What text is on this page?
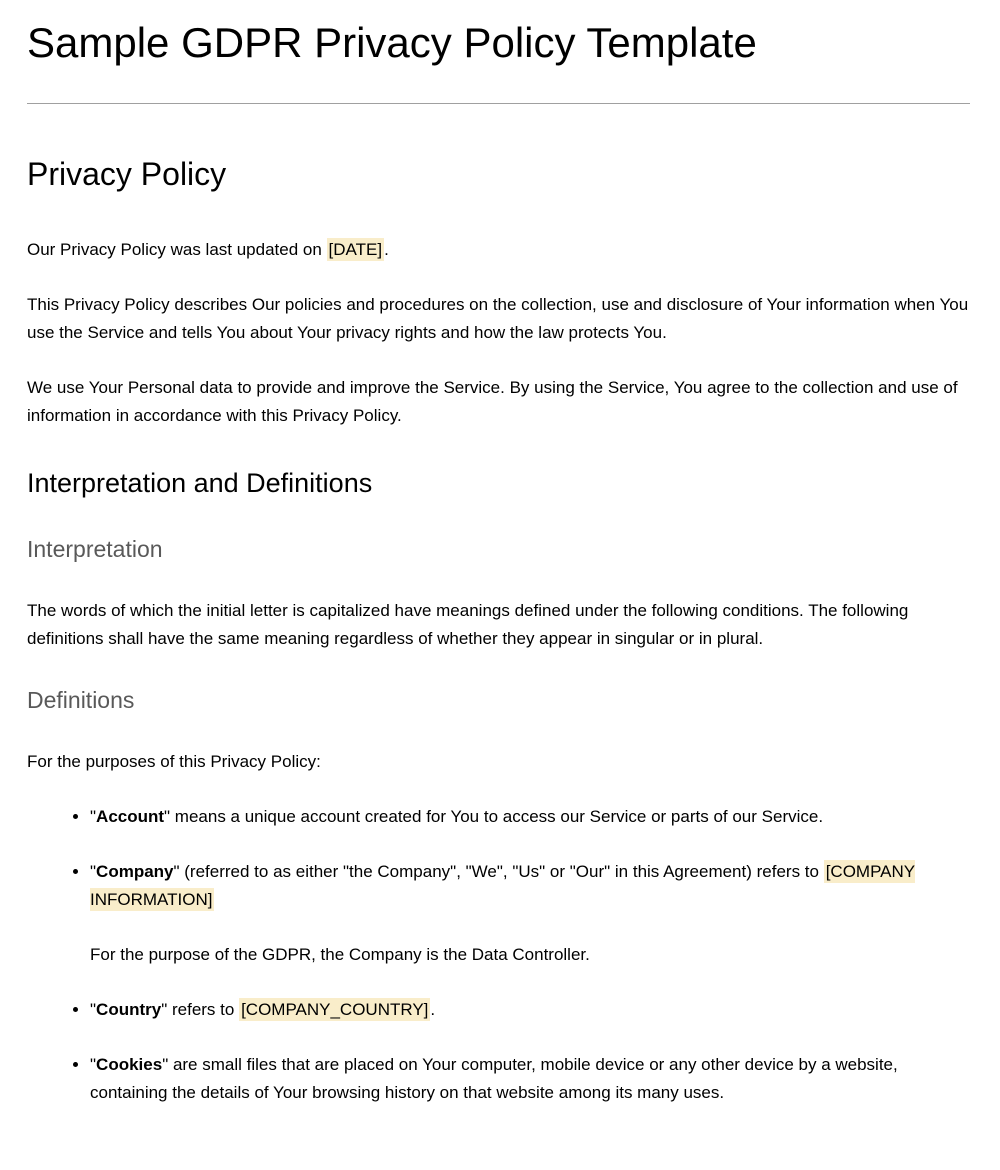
Sample GDPR Privacy Policy Template
Privacy Policy

Our Privacy Policy was last updated on [DATE] .

This Privacy Policy describes Our policies and procedures on the collection, use and disclosure of Your information when You use the Service and tells You about Your privacy rights and how the law protects You.

We use Your Personal data to provide and improve the Service. By using the Service, You agree to the collection and use of information in accordance with this Privacy Policy.

Interpretation and Definitions
Interpretation

The words of which the initial letter is capitalized have meanings defined under the following conditions. The following definitions shall have the same meaning regardless of whether they appear in singular or in plural.

Definitions

For the purposes of this Privacy Policy:

• "Account" means a unique account created for You to access our Service or parts of our Service.

• "Company" (referred to as either "the Company", "We", "Us" or "Our" in this Agreement) refers to [COMPANY INFORMATION]

For the purpose of the GDPR, the Company is the Data Controller.

• "Country" refers to [COMPANY_COUNTRY] .

• "Cookies" are small files that are placed on Your computer, mobile device or any other device by a website, containing the details of Your browsing history on that website among its many uses.
